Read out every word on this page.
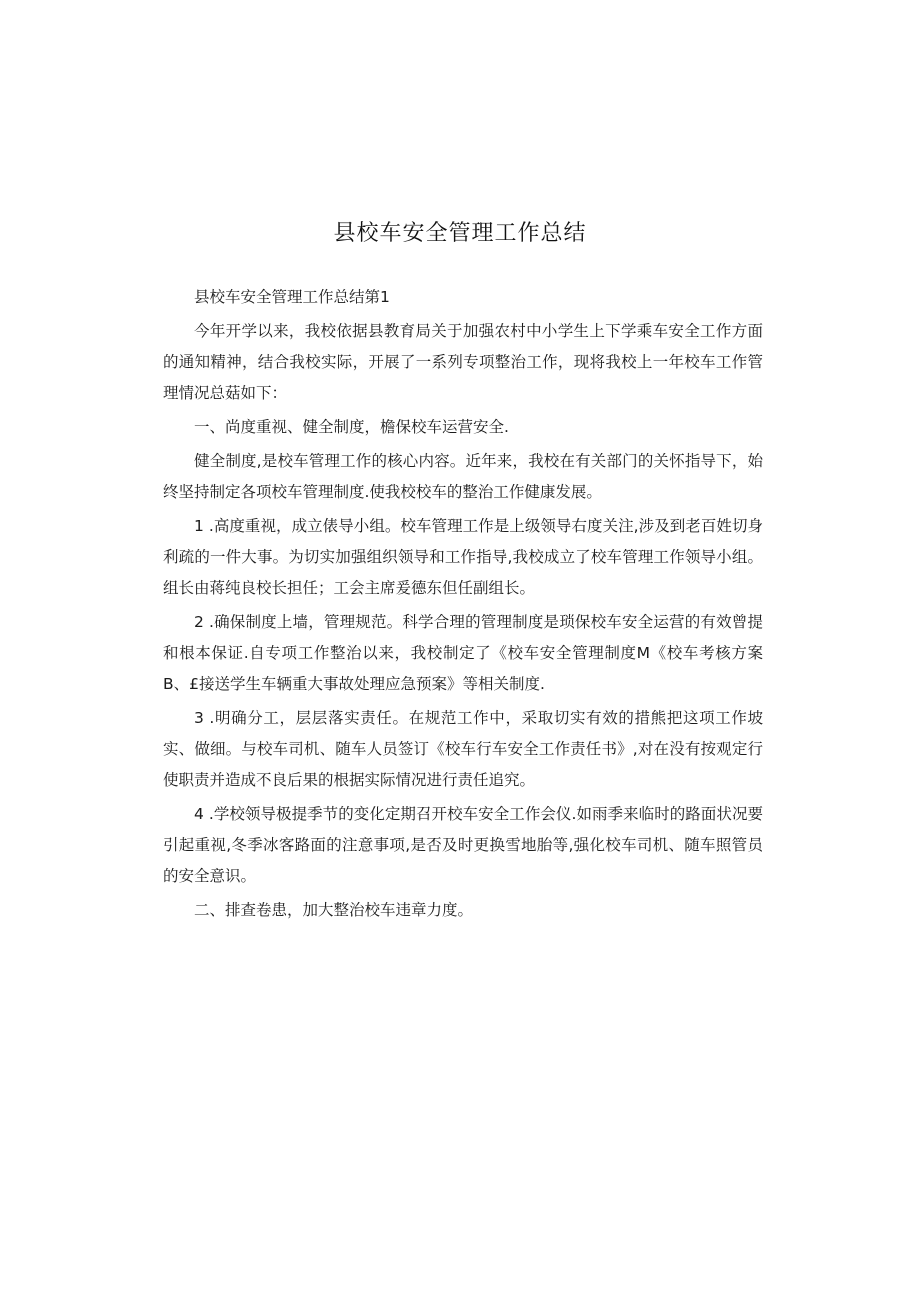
县校车安全管理工作总结

县校车安全管理工作总结第1

今年开学以来，我校依据县教育局关于加强农村中小学生上下学乘车安全工作方面的通知精神，结合我校实际，开展了一系列专项整治工作，现将我校上一年校车工作管理情况总菇如下：

一、尚度重视、健全制度，檐保校车运营安全.

健全制度,是校车管理工作的核心内容。近年来，我校在有关部门的关怀指导下，始终坚持制定各项校车管理制度.使我校校车的整治工作健康发展。

1 .高度重视，成立俵导小组。校车管理工作是上级领导右度关注,涉及到老百姓切身利疏的一件大事。为切实加强组织领导和工作指导,我校成立了校车管理工作领导小组。组长由蒋纯良校长担任；工会主席爰德东但任副组长。

2 .确保制度上墙，管理规范。科学合理的管理制度是琐保校车安全运营的有效曾提和根本保证.自专项工作整治以来，我校制定了《校车安全管理制度M《校车考核方案B、£接送学生车辆重大事故处理应急预案》等相关制度.

3 .明确分工，层层落实责任。在规范工作中，采取切实有效的措熊把这项工作坡实、做细。与校车司机、随车人员签订《校车行车安全工作责任书》,对在没有按观定行使职责并造成不良后果的根据实际情况进行责任追究。

4 .学校领导极提季节的变化定期召开校车安全工作会仪.如雨季来临时的路面状况要引起重视,冬季冰客路面的注意事项,是否及时更换雪地胎等,强化校车司机、随车照管员的安全意识。

二、排查卷患，加大整治校车违章力度。
